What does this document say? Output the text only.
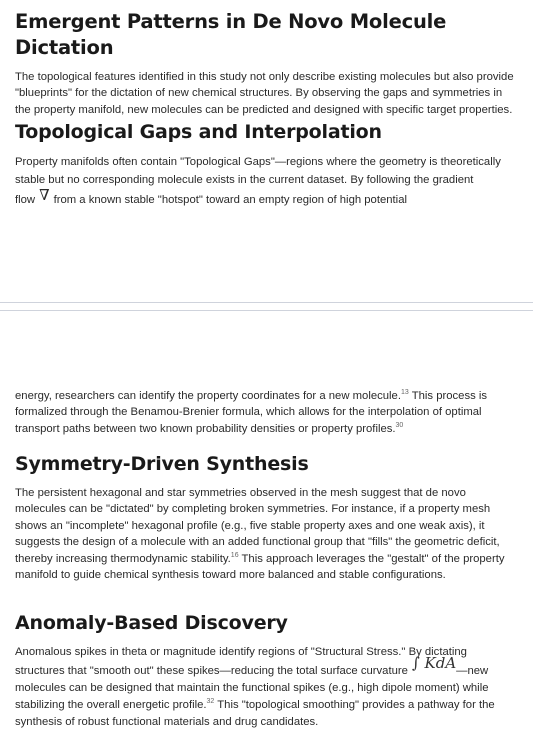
Emergent Patterns in De Novo Molecule Dictation

The topological features identified in this study not only describe existing molecules but also provide "blueprints" for the dictation of new chemical structures. By observing the gaps and symmetries in the property manifold, new molecules can be predicted and designed with specific target properties.

Topological Gaps and Interpolation

Property manifolds often contain "Topological Gaps"—regions where the geometry is theoretically stable but no corresponding molecule exists in the current dataset. By following the gradient flow ∇ from a known stable "hotspot" toward an empty region of high potential

energy, researchers can identify the property coordinates for a new molecule.$^{13}$ This process is formalized through the Benamou-Brenier formula, which allows for the interpolation of optimal transport paths between two known probability densities or property profiles.$^{30}$

Symmetry-Driven Synthesis

The persistent hexagonal and star symmetries observed in the mesh suggest that de novo molecules can be "dictated" by completing broken symmetries. For instance, if a property mesh shows an "incomplete" hexagonal profile (e.g., five stable property axes and one weak axis), it suggests the design of a molecule with an added functional group that "fills" the geometric deficit, thereby increasing thermodynamic stability.$^{16}$ This approach leverages the "gestalt" of the property manifold to guide chemical synthesis toward more balanced and stable configurations.

Anomaly-Based Discovery

Anomalous spikes in theta or magnitude identify regions of "Structural Stress." By dictating structures that "smooth out" these spikes—reducing the total surface curvature ∫ KdA—new molecules can be designed that maintain the functional spikes (e.g., high dipole moment) while stabilizing the overall energetic profile.$^{32}$ This "topological smoothing" provides a pathway for the synthesis of robust functional materials and drug candidates.
